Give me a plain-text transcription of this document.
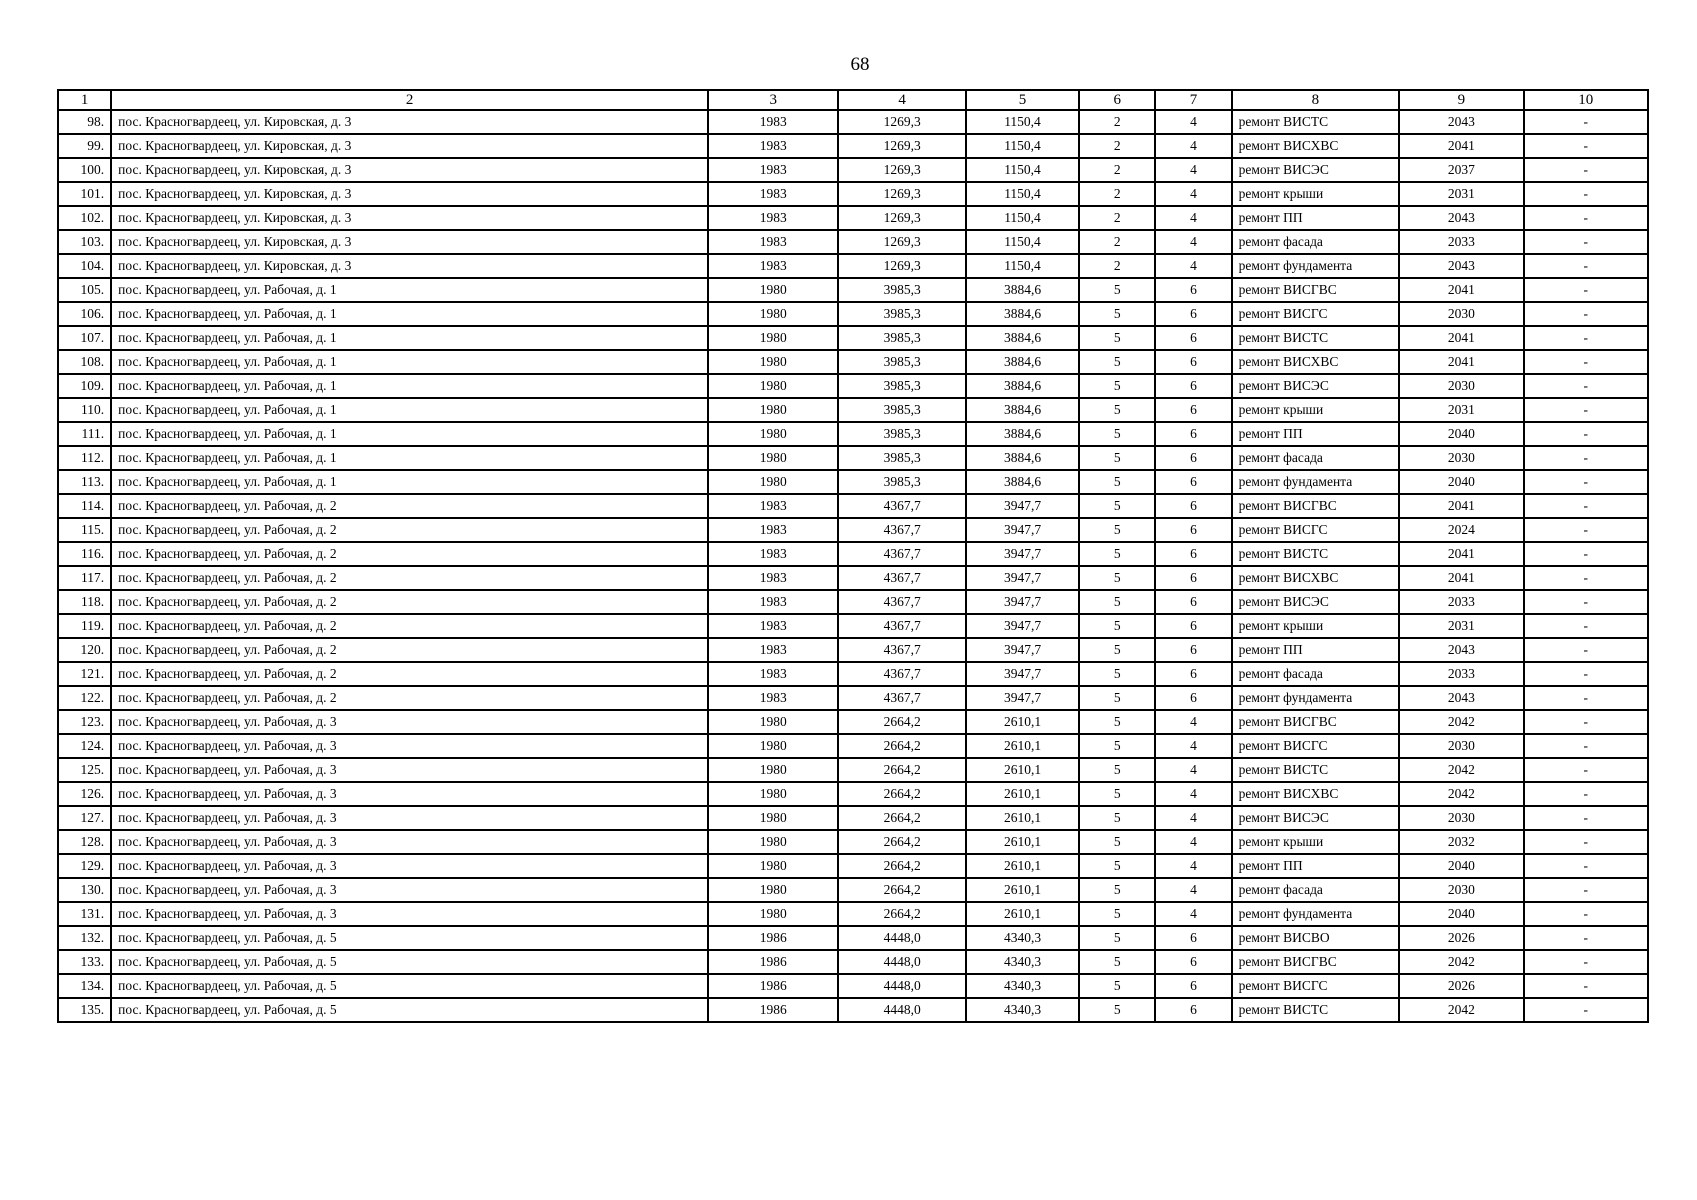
68
1	2	3	4	5	6	7	8	9	10
98.	пос. Красногвардеец, ул. Кировская, д. 3	1983	1269,3	1150,4	2	4	ремонт ВИСТС	2043	-
99.	пос. Красногвардеец, ул. Кировская, д. 3	1983	1269,3	1150,4	2	4	ремонт ВИСХВС	2041	-
100.	пос. Красногвардеец, ул. Кировская, д. 3	1983	1269,3	1150,4	2	4	ремонт ВИСЭС	2037	-
101.	пос. Красногвардеец, ул. Кировская, д. 3	1983	1269,3	1150,4	2	4	ремонт крыши	2031	-
102.	пос. Красногвардеец, ул. Кировская, д. 3	1983	1269,3	1150,4	2	4	ремонт ПП	2043	-
103.	пос. Красногвардеец, ул. Кировская, д. 3	1983	1269,3	1150,4	2	4	ремонт фасада	2033	-
104.	пос. Красногвардеец, ул. Кировская, д. 3	1983	1269,3	1150,4	2	4	ремонт фундамента	2043	-
105.	пос. Красногвардеец, ул. Рабочая, д. 1	1980	3985,3	3884,6	5	6	ремонт ВИСГВС	2041	-
106.	пос. Красногвардеец, ул. Рабочая, д. 1	1980	3985,3	3884,6	5	6	ремонт ВИСГС	2030	-
107.	пос. Красногвардеец, ул. Рабочая, д. 1	1980	3985,3	3884,6	5	6	ремонт ВИСТС	2041	-
108.	пос. Красногвардеец, ул. Рабочая, д. 1	1980	3985,3	3884,6	5	6	ремонт ВИСХВС	2041	-
109.	пос. Красногвардеец, ул. Рабочая, д. 1	1980	3985,3	3884,6	5	6	ремонт ВИСЭС	2030	-
110.	пос. Красногвардеец, ул. Рабочая, д. 1	1980	3985,3	3884,6	5	6	ремонт крыши	2031	-
111.	пос. Красногвардеец, ул. Рабочая, д. 1	1980	3985,3	3884,6	5	6	ремонт ПП	2040	-
112.	пос. Красногвардеец, ул. Рабочая, д. 1	1980	3985,3	3884,6	5	6	ремонт фасада	2030	-
113.	пос. Красногвардеец, ул. Рабочая, д. 1	1980	3985,3	3884,6	5	6	ремонт фундамента	2040	-
114.	пос. Красногвардеец, ул. Рабочая, д. 2	1983	4367,7	3947,7	5	6	ремонт ВИСГВС	2041	-
115.	пос. Красногвардеец, ул. Рабочая, д. 2	1983	4367,7	3947,7	5	6	ремонт ВИСГС	2024	-
116.	пос. Красногвардеец, ул. Рабочая, д. 2	1983	4367,7	3947,7	5	6	ремонт ВИСТС	2041	-
117.	пос. Красногвардеец, ул. Рабочая, д. 2	1983	4367,7	3947,7	5	6	ремонт ВИСХВС	2041	-
118.	пос. Красногвардеец, ул. Рабочая, д. 2	1983	4367,7	3947,7	5	6	ремонт ВИСЭС	2033	-
119.	пос. Красногвардеец, ул. Рабочая, д. 2	1983	4367,7	3947,7	5	6	ремонт крыши	2031	-
120.	пос. Красногвардеец, ул. Рабочая, д. 2	1983	4367,7	3947,7	5	6	ремонт ПП	2043	-
121.	пос. Красногвардеец, ул. Рабочая, д. 2	1983	4367,7	3947,7	5	6	ремонт фасада	2033	-
122.	пос. Красногвардеец, ул. Рабочая, д. 2	1983	4367,7	3947,7	5	6	ремонт фундамента	2043	-
123.	пос. Красногвардеец, ул. Рабочая, д. 3	1980	2664,2	2610,1	5	4	ремонт ВИСГВС	2042	-
124.	пос. Красногвардеец, ул. Рабочая, д. 3	1980	2664,2	2610,1	5	4	ремонт ВИСГС	2030	-
125.	пос. Красногвардеец, ул. Рабочая, д. 3	1980	2664,2	2610,1	5	4	ремонт ВИСТС	2042	-
126.	пос. Красногвардеец, ул. Рабочая, д. 3	1980	2664,2	2610,1	5	4	ремонт ВИСХВС	2042	-
127.	пос. Красногвардеец, ул. Рабочая, д. 3	1980	2664,2	2610,1	5	4	ремонт ВИСЭС	2030	-
128.	пос. Красногвардеец, ул. Рабочая, д. 3	1980	2664,2	2610,1	5	4	ремонт крыши	2032	-
129.	пос. Красногвардеец, ул. Рабочая, д. 3	1980	2664,2	2610,1	5	4	ремонт ПП	2040	-
130.	пос. Красногвардеец, ул. Рабочая, д. 3	1980	2664,2	2610,1	5	4	ремонт фасада	2030	-
131.	пос. Красногвардеец, ул. Рабочая, д. 3	1980	2664,2	2610,1	5	4	ремонт фундамента	2040	-
132.	пос. Красногвардеец, ул. Рабочая, д. 5	1986	4448,0	4340,3	5	6	ремонт ВИСВО	2026	-
133.	пос. Красногвардеец, ул. Рабочая, д. 5	1986	4448,0	4340,3	5	6	ремонт ВИСГВС	2042	-
134.	пос. Красногвардеец, ул. Рабочая, д. 5	1986	4448,0	4340,3	5	6	ремонт ВИСГС	2026	-
135.	пос. Красногвардеец, ул. Рабочая, д. 5	1986	4448,0	4340,3	5	6	ремонт ВИСТС	2042	-
